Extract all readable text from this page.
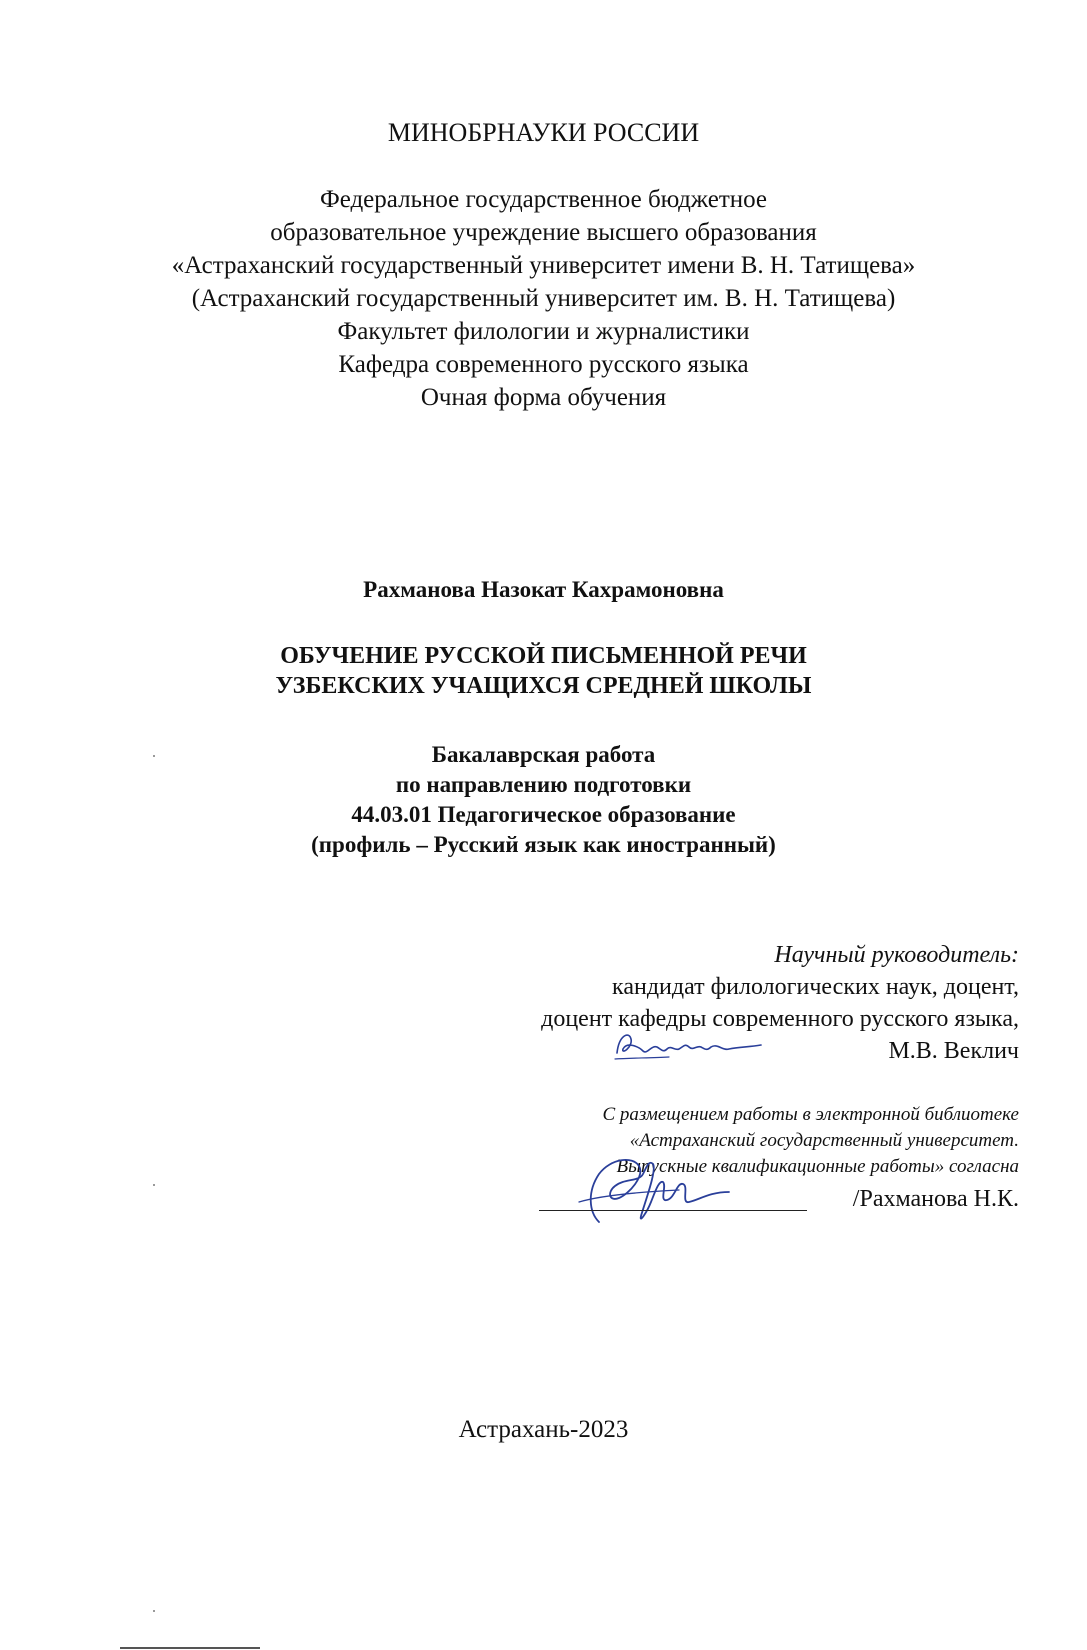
МИНОБРНАУКИ РОССИИ
Федеральное государственное бюджетное
образовательное учреждение высшего образования
«Астраханский государственный университет имени В. Н. Татищева»
(Астраханский государственный университет им. В. Н. Татищева)
Факультет филологии и журналистики
Кафедра современного русского языка
Очная форма обучения
Рахманова Назокат Кахрамоновна
ОБУЧЕНИЕ РУССКОЙ ПИСЬМЕННОЙ РЕЧИ
УЗБЕКСКИХ УЧАЩИХСЯ СРЕДНЕЙ ШКОЛЫ
Бакалаврская работа
по направлению подготовки
44.03.01 Педагогическое образование
(профиль – Русский язык как иностранный)
Научный руководитель:
кандидат филологических наук, доцент,
доцент кафедры современного русского языка,
М.В. Веклич
С размещением работы в электронной библиотеке
«Астраханский государственный университет.
Выпускные квалификационные работы» согласна
/Рахманова Н.К.
Астрахань-2023
